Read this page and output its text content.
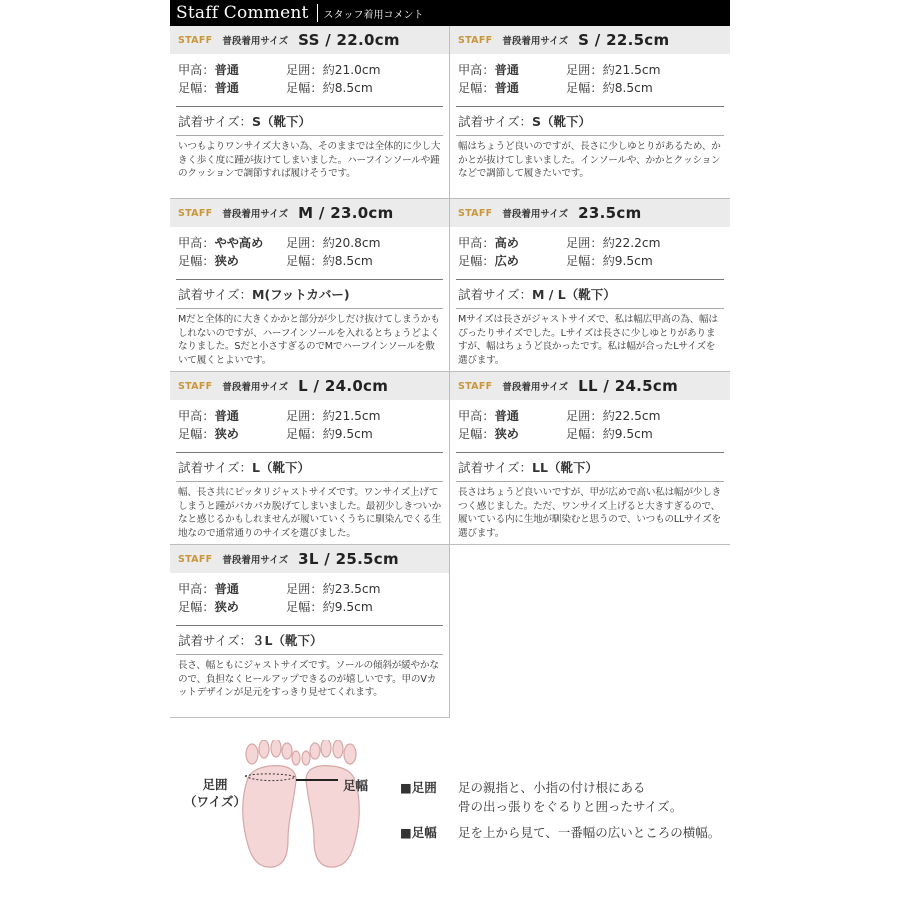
Staff Comment スタッフ着用コメント
STAFF 普段着用サイズ SS / 22.0cm
甲高：普通	足囲：約21.0cm
足幅：普通	足幅：約8.5cm
試着サイズ： S（靴下）
いつもよりワンサイズ大きい為、そのままでは全体的に少し大きく歩く度に踵が抜けてしまいました。ハーフインソールや踵のクッションで調節すれば履けそうです。
STAFF 普段着用サイズ S / 22.5cm
甲高：普通	足囲：約21.5cm
足幅：普通	足幅：約8.5cm
試着サイズ： S（靴下）
幅はちょうど良いのですが、長さに少しゆとりがあるため、かかとが抜けてしまいました。インソールや、かかとクッションなどで調節して履きたいです。
STAFF 普段着用サイズ M / 23.0cm
甲高：やや高め	足囲：約20.8cm
足幅：狭め	足幅：約8.5cm
試着サイズ： M(フットカバー)
Mだと全体的に大きくかかと部分が少しだけ抜けてしまうかもしれないのですが、ハーフインソールを入れるとちょうどよくなりました。Sだと小さすぎるのでMでハーフインソールを敷いて履くとよいです。
STAFF 普段着用サイズ 23.5cm
甲高：高め	足囲：約22.2cm
足幅：広め	足幅：約9.5cm
試着サイズ： M / L（靴下）
Mサイズは長さがジャストサイズで、私は幅広甲高の為、幅はぴったりサイズでした。Lサイズは長さに少しゆとりがありますが、幅はちょうど良かったです。私は幅が合ったLサイズを選びます。
STAFF 普段着用サイズ L / 24.0cm
甲高：普通	足囲：約21.5cm
足幅：狭め	足幅：約9.5cm
試着サイズ： L（靴下）
幅、長さ共にピッタリジャストサイズです。ワンサイズ上げてしまうと踵がパカパカ脱げてしまいました。最初少しきついかなと感じるかもしれませんが履いていくうちに馴染んでくる生地なので通常通りのサイズを選びました。
STAFF 普段着用サイズ LL / 24.5cm
甲高：普通	足囲：約22.5cm
足幅：狭め	足幅：約9.5cm
試着サイズ： LL（靴下）
長さはちょうど良いいですが、甲が広めで高い私は幅が少しきつく感じました。ただ、ワンサイズ上げると大きすぎるので、履いている内に生地が馴染むと思うので、いつものLLサイズを選びます。
STAFF 普段着用サイズ 3L / 25.5cm
甲高：普通	足囲：約23.5cm
足幅：狭め	足幅：約9.5cm
試着サイズ： ３L（靴下）
長さ、幅ともにジャストサイズです。ソールの傾斜が緩やかなので、負担なくヒールアップできるのが嬉しいです。甲のVカットデザインが足元をすっきり見せてくれます。
足囲
（ワイズ）
足幅	■足囲	足の親指と、小指の付け根にある
骨の出っ張りをぐるりと囲ったサイズ。
■足幅	足を上から見て、一番幅の広いところの横幅。
